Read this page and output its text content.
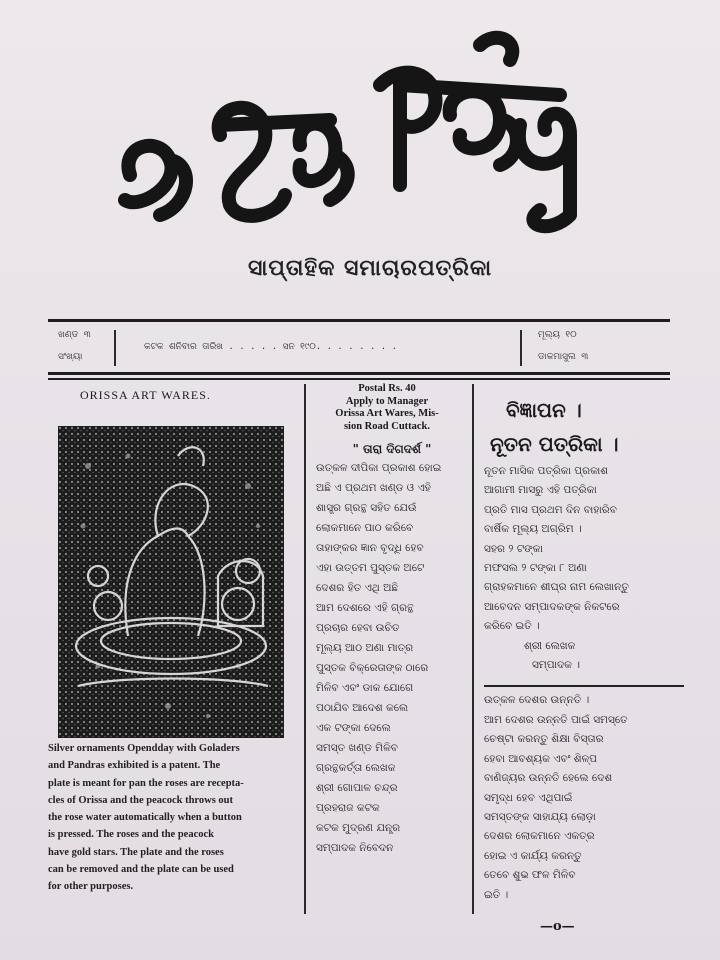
ସାପ୍ତାହିକ ସମାଚାରପତ୍ରିକା
ଖଣ୍ଡ ୩
ସଂଖ୍ୟା
କଟକ ଶନିବାର ତାରିଖ . . . . . ସନ ୧୯୦. . . . . . . .
ମୂଲ୍ୟ ୧୦
ଡାକମାସୁଲ ୩
ORISSA ART WARES.
Silver ornaments Opendday with Goladers
and Pandras exhibited is a patent. The
plate is meant for pan the roses are recepta-
cles of Orissa and the peacock throws out
the rose water automatically when a button
is pressed. The roses and the peacock
have gold stars. The plate and the roses
can be removed and the plate can be used
for other purposes.
Postal Rs. 40
Apply to Manager
Orissa Art Wares, Mis-
sion Road Cuttack.
" ତାରା ଦିଗଦର୍ଶ "
ଉତ୍କଳ ଦୀପିକା ପ୍ରକାଶ ହୋଇ
ଅଛି ଏ ପ୍ରଥମ ଖଣ୍ଡ ଓ ଏହି
ଶାସ୍ତ୍ର ଗ୍ରନ୍ଥ ସହିତ ଯେଉଁ
ଲୋକମାନେ ପାଠ କରିବେ
ତାହାଙ୍କର ଜ୍ଞାନ ବୃଦ୍ଧି ହେବ
ଏହା ଉତ୍ତମ ପୁସ୍ତକ ଅଟେ
ଦେଶର ହିତ ଏଥି ଅଛି
ଆମ ଦେଶରେ ଏହି ଗ୍ରନ୍ଥ
ପ୍ରଚାର ହେବା ଉଚିତ
ମୂଲ୍ୟ ଆଠ ଅଣା ମାତ୍ର
ପୁସ୍ତକ ବିକ୍ରେତାଙ୍କ ଠାରେ
ମିଳିବ ଏବଂ ଡାକ ଯୋଗେ
ପଠାଯିବ ଆଦେଶ କଲେ
ଏକ ଟଙ୍କା ଦେଲେ
ସମସ୍ତ ଖଣ୍ଡ ମିଳିବ
ଗ୍ରନ୍ଥକର୍ତ୍ତା ଲେଖକ
ଶ୍ରୀ ଗୋପାଳ ଚନ୍ଦ୍ର
ପ୍ରହରାଜ କଟକ
କଟକ ମୁଦ୍ରଣ ଯନ୍ତ୍ର
ସମ୍ପାଦକ ନିବେଦନ
ବିଜ୍ଞାପନ ।
ନୂତନ ପତ୍ରିକା ।
ନୂତନ ମାସିକ ପତ୍ରିକା ପ୍ରକାଶ
ଆଗାମୀ ମାସରୁ ଏହି ପତ୍ରିକା
ପ୍ରତି ମାସ ପ୍ରଥମ ଦିନ ବାହାରିବ
ବାର୍ଷିକ ମୂଲ୍ୟ ଅଗ୍ରିମ ।
ସହର ୨ ଟଙ୍କା
ମଫସଲ ୨ ଟଙ୍କା ୮ ଅଣା
ଗ୍ରାହକମାନେ ଶୀଘ୍ର ନାମ ଲେଖାନ୍ତୁ
ଆବେଦନ ସମ୍ପାଦକଙ୍କ ନିକଟରେ
କରିବେ ଇତି ।
ଶ୍ରୀ ଲେଖକ
ସମ୍ପାଦକ ।
ଉତ୍କଳ ଦେଶର ଉନ୍ନତି ।
ଆମ ଦେଶର ଉନ୍ନତି ପାଇଁ ସମସ୍ତେ
ଚେଷ୍ଟା କରନ୍ତୁ ଶିକ୍ଷା ବିସ୍ତାର
ହେବା ଆବଶ୍ୟକ ଏବଂ ଶିଳ୍ପ
ବାଣିଜ୍ୟର ଉନ୍ନତି ହେଲେ ଦେଶ
ସମୃଦ୍ଧ ହେବ ଏଥିପାଇଁ
ସମସ୍ତଙ୍କ ସାହାଯ୍ୟ ଲୋଡ଼ା
ଦେଶର ଲୋକମାନେ ଏକତ୍ର
ହୋଇ ଏ କାର୍ଯ୍ୟ କରନ୍ତୁ
ତେବେ ଶୁଭ ଫଳ ମିଳିବ
ଇତି ।
—o—
